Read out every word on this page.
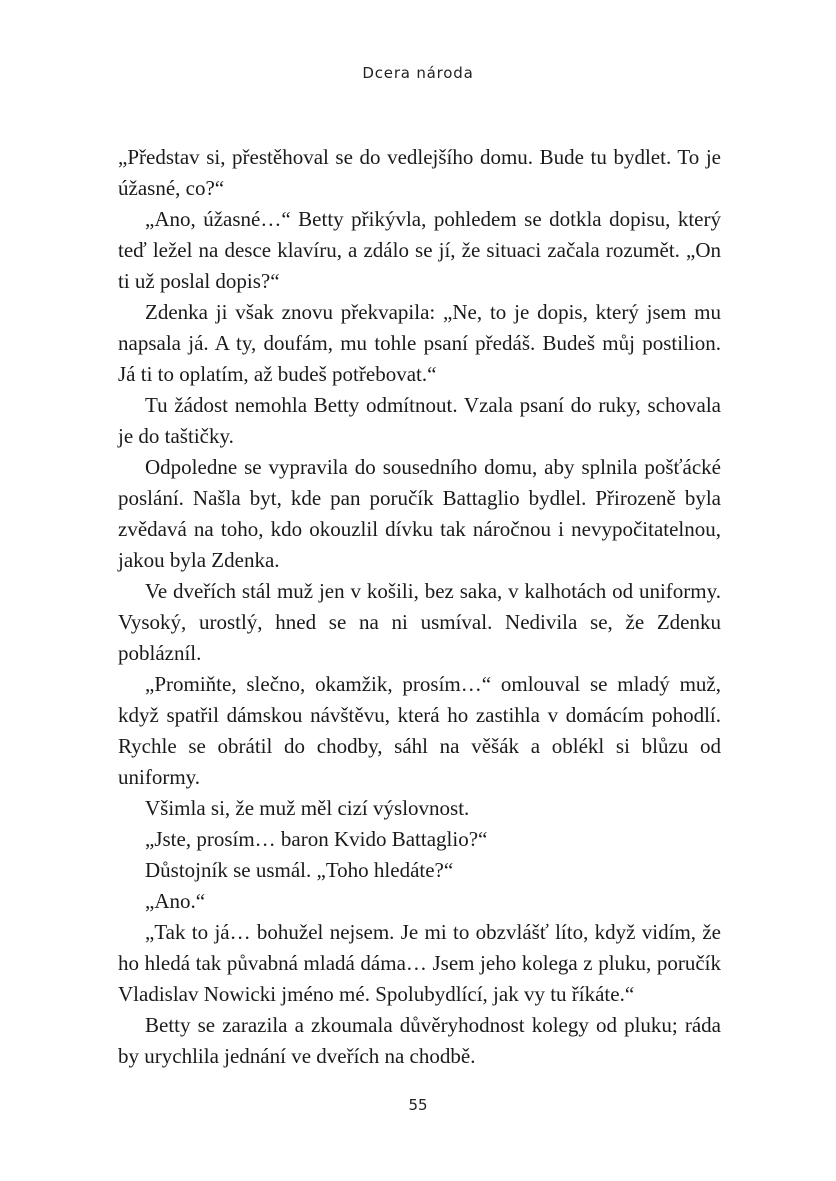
Dcera národa

„Představ si, přestěhoval se do vedlejšího domu. Bude tu bydlet. To je úžasné, co?“

„Ano, úžasné…“ Betty přikývla, pohledem se dotkla dopisu, který teď ležel na desce klavíru, a zdálo se jí, že situaci začala rozumět. „On ti už poslal dopis?“

Zdenka ji však znovu překvapila: „Ne, to je dopis, který jsem mu napsala já. A ty, doufám, mu tohle psaní předáš. Budeš můj postilion. Já ti to oplatím, až budeš potřebovat.“

Tu žádost nemohla Betty odmítnout. Vzala psaní do ruky, schovala je do taštičky.

Odpoledne se vypravila do sousedního domu, aby splnila pošťácké poslání. Našla byt, kde pan poručík Battaglio bydlel. Přirozeně byla zvědavá na toho, kdo okouzlil dívku tak náročnou i nevypočitatelnou, jakou byla Zdenka.

Ve dveřích stál muž jen v košili, bez saka, v kalhotách od uniformy. Vysoký, urostlý, hned se na ni usmíval. Nedivila se, že Zdenku poblázníl.

„Promiňte, slečno, okamžik, prosím…“ omlouval se mladý muž, když spatřil dámskou návštěvu, která ho zastihla v domácím pohodlí. Rychle se obrátil do chodby, sáhl na věšák a oblékl si blůzu od uniformy.

Všimla si, že muž měl cizí výslovnost.

„Jste, prosím… baron Kvido Battaglio?“

Důstojník se usmál. „Toho hledáte?“

„Ano.“

„Tak to já… bohužel nejsem. Je mi to obzvlášť líto, když vidím, že ho hledá tak půvabná mladá dáma… Jsem jeho kolega z pluku, poručík Vladislav Nowicki jméno mé. Spolubydlící, jak vy tu říkáte.“

Betty se zarazila a zkoumala důvěryhodnost kolegy od pluku; ráda by urychlila jednání ve dveřích na chodbě.

55
